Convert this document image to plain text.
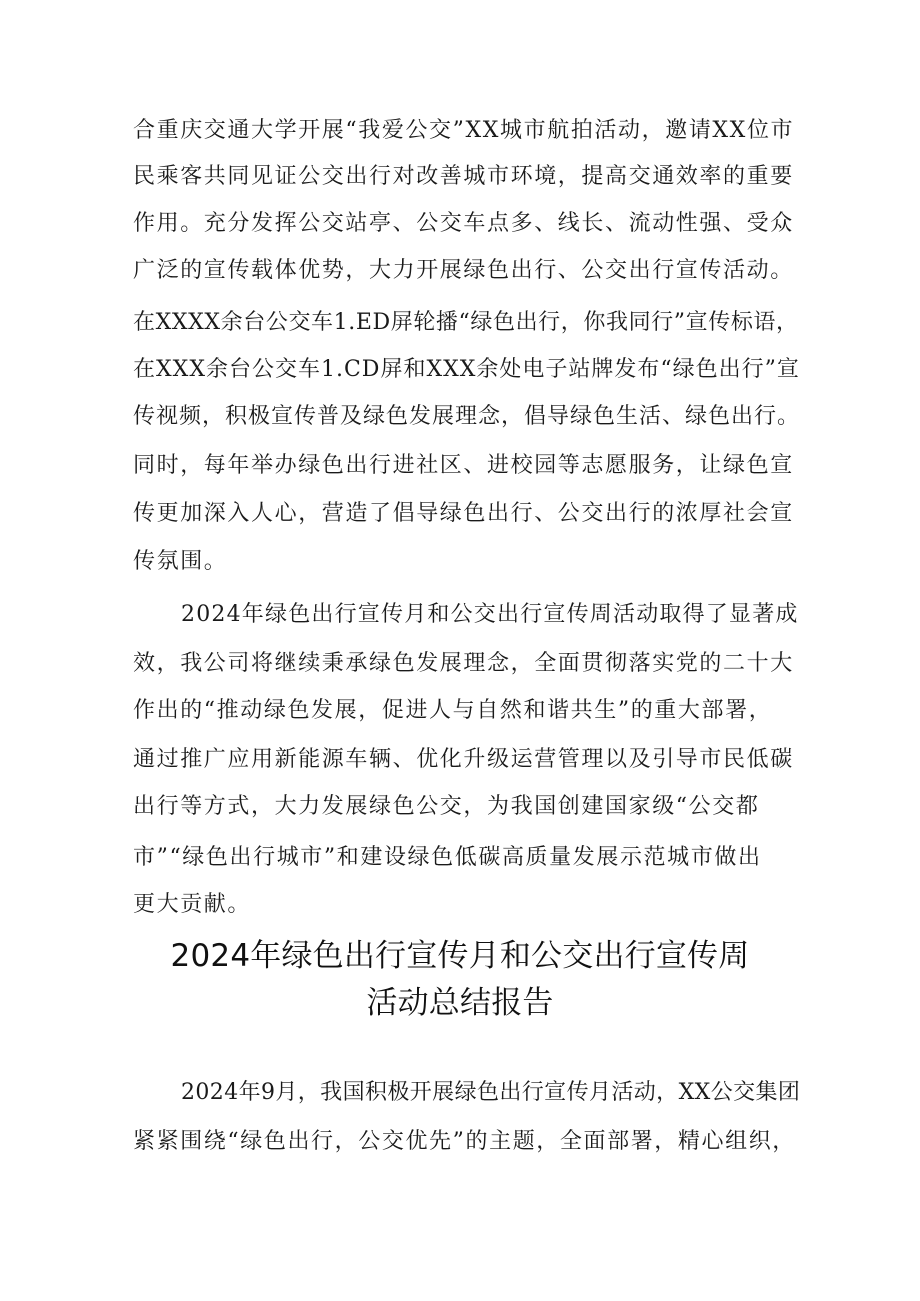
合重庆交通大学开展“我爱公交”XX城市航拍活动，邀请XX位市
民乘客共同见证公交出行对改善城市环境，提高交通效率的重要
作用。充分发挥公交站亭、公交车点多、线长、流动性强、受众
广泛的宣传载体优势，大力开展绿色出行、公交出行宣传活动。
在XXXX余台公交车1.ED屏轮播“绿色出行，你我同行”宣传标语，
在XXX余台公交车1.CD屏和XXX余处电子站牌发布“绿色出行”宣
传视频，积极宣传普及绿色发展理念，倡导绿色生活、绿色出行。
同时，每年举办绿色出行进社区、进校园等志愿服务，让绿色宣
传更加深入人心，营造了倡导绿色出行、公交出行的浓厚社会宣
传氛围。
2024年绿色出行宣传月和公交出行宣传周活动取得了显著成
效，我公司将继续秉承绿色发展理念，全面贯彻落实党的二十大
作出的“推动绿色发展，促进人与自然和谐共生”的重大部署，
通过推广应用新能源车辆、优化升级运营管理以及引导市民低碳
出行等方式，大力发展绿色公交，为我国创建国家级“公交都
市”“绿色出行城市”和建设绿色低碳高质量发展示范城市做出
更大贡献。
2024年绿色出行宣传月和公交出行宣传周
活动总结报告
2024年9月，我国积极开展绿色出行宣传月活动，XX公交集团
紧紧围绕“绿色出行，公交优先”的主题，全面部署，精心组织，
